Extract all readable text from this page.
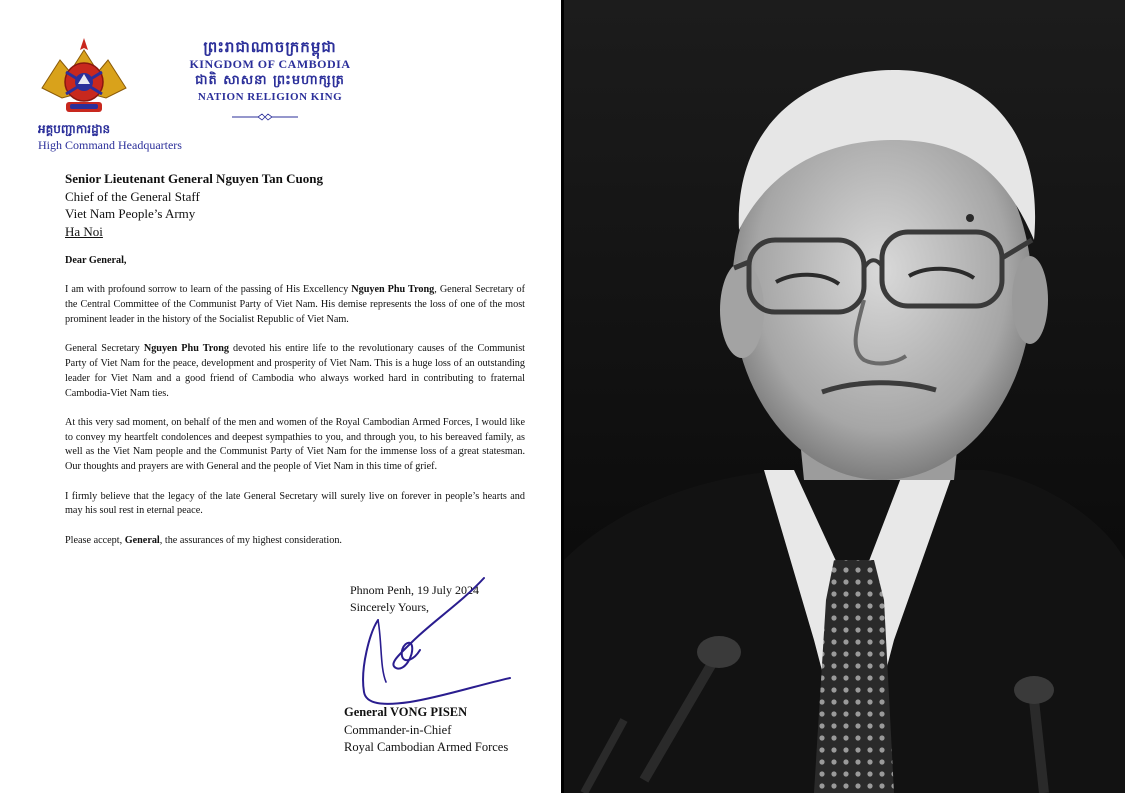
ព្រះរាជាណាចក្រកម្ពុជា
KINGDOM OF CAMBODIA
ជាតិ សាសនា ព្រះមហាក្សត្រ
NATION RELIGION KING
អគ្គបញ្ជាការដ្ឋាន
High Command Headquarters
Senior Lieutenant General Nguyen Tan Cuong
Chief of the General Staff
Viet Nam People’s Army
Ha Noi

Dear General,

I am with profound sorrow to learn of the passing of His Excellency Nguyen Phu Trong, General Secretary of the Central Committee of the Communist Party of Viet Nam. His demise represents the loss of one of the most prominent leader in the history of the Socialist Republic of Viet Nam.

General Secretary Nguyen Phu Trong devoted his entire life to the revolutionary causes of the Communist Party of Viet Nam for the peace, development and prosperity of Viet Nam. This is a huge loss of an outstanding leader for Viet Nam and a good friend of Cambodia who always worked hard in contributing to fraternal Cambodia-Viet Nam ties.

At this very sad moment, on behalf of the men and women of the Royal Cambodian Armed Forces, I would like to convey my heartfelt condolences and deepest sympathies to you, and through you, to his bereaved family, as well as the Viet Nam people and the Communist Party of Viet Nam for the immense loss of a great statesman. Our thoughts and prayers are with General and the people of Viet Nam in this time of grief.

I firmly believe that the legacy of the late General Secretary will surely live on forever in people’s hearts and may his soul rest in eternal peace.

Please accept, General, the assurances of my highest consideration.

Phnom Penh, 19 July 2024
Sincerely Yours,
General VONG PISEN
Commander-in-Chief
Royal Cambodian Armed Forces
